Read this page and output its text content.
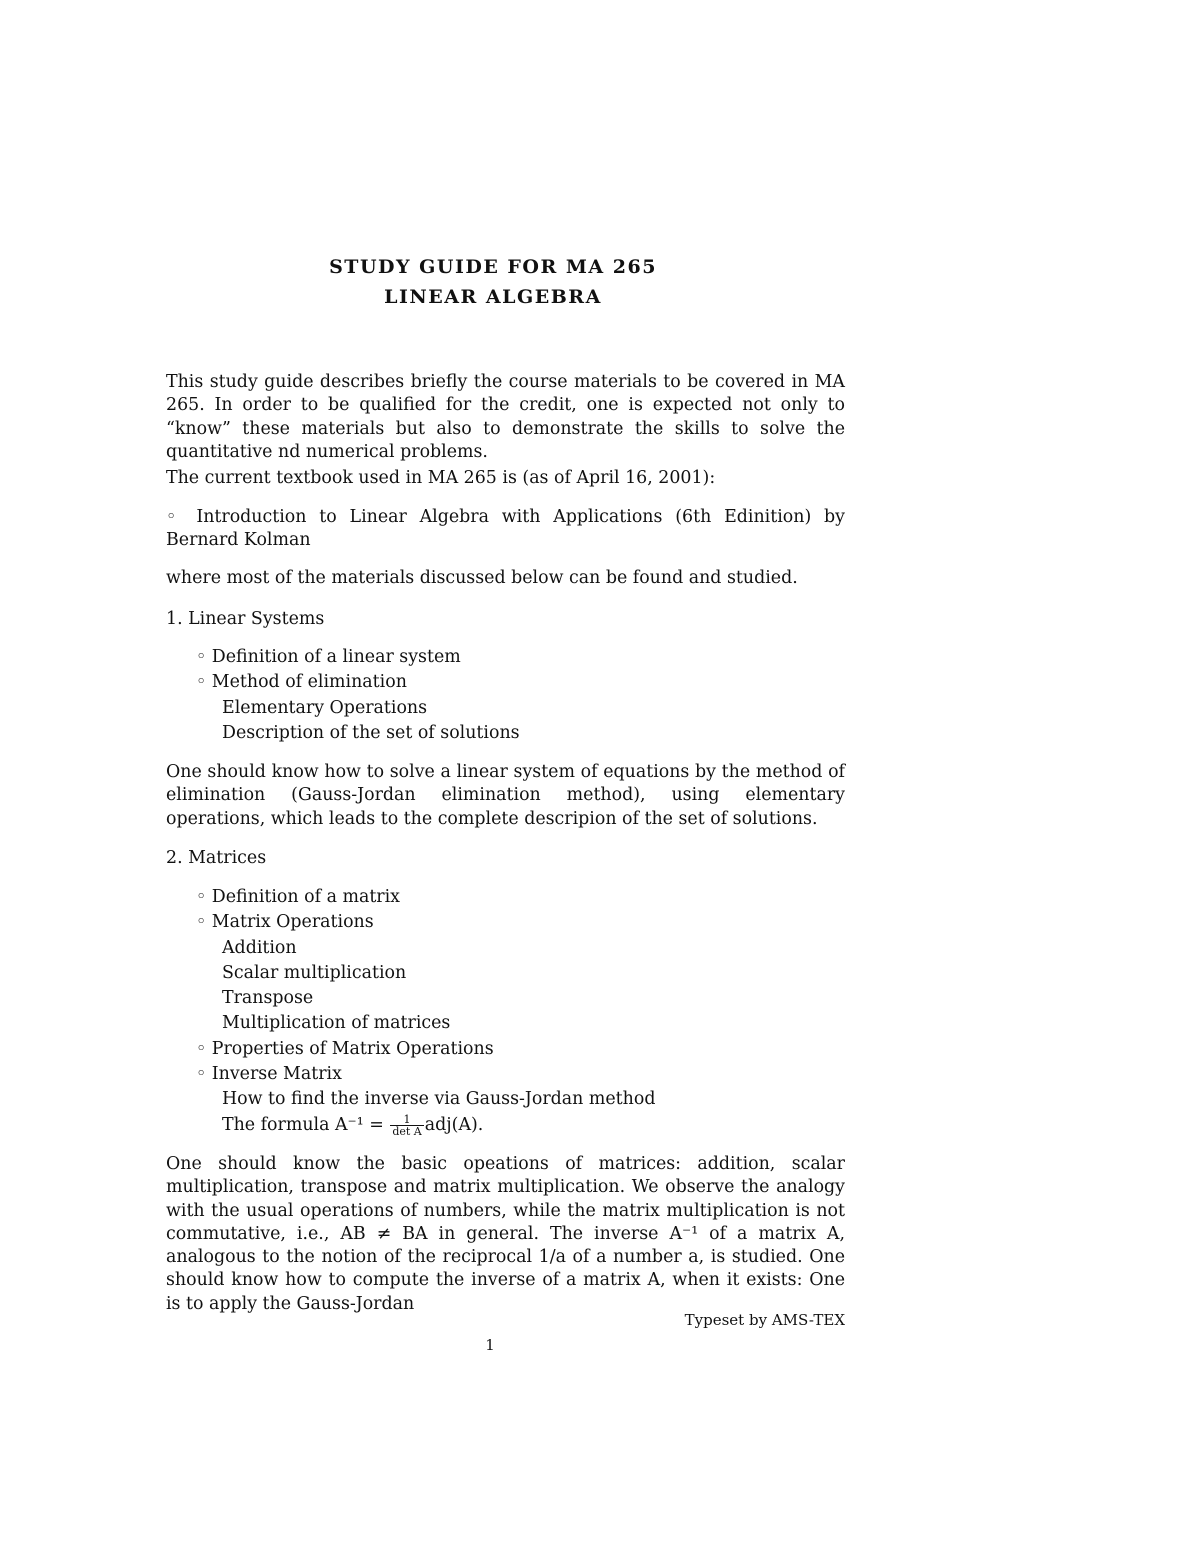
STUDY GUIDE FOR MA 265
LINEAR ALGEBRA
This study guide describes briefly the course materials to be covered in MA 265. In order to be qualified for the credit, one is expected not only to “know” these materials but also to demonstrate the skills to solve the quantitative nd numerical problems.
The current textbook used in MA 265 is (as of April 16, 2001):
◦ Introduction to Linear Algebra with Applications (6th Edinition) by Bernard Kolman
where most of the materials discussed below can be found and studied.
1. Linear Systems
◦ Definition of a linear system
◦ Method of elimination
Elementary Operations
Description of the set of solutions
One should know how to solve a linear system of equations by the method of elimination (Gauss-Jordan elimination method), using elementary operations, which leads to the complete descripion of the set of solutions.
2. Matrices
◦ Definition of a matrix
◦ Matrix Operations
Addition
Scalar multiplication
Transpose
Multiplication of matrices
◦ Properties of Matrix Operations
◦ Inverse Matrix
How to find the inverse via Gauss-Jordan method
The formula $A^{-1} = \frac{1}{\text{det A}} adj(A)$.
One should know the basic opeations of matrices: addition, scalar multiplication, transpose and matrix multiplication. We observe the analogy with the usual operations of numbers, while the matrix multiplication is not commutative, i.e., AB ≠ BA in general. The inverse A⁻¹ of a matrix A, analogous to the notion of the reciprocal 1/a of a number a, is studied. One should know how to compute the inverse of a matrix A, when it exists: One is to apply the Gauss-Jordan
Typeset by AMS-TEX
1
